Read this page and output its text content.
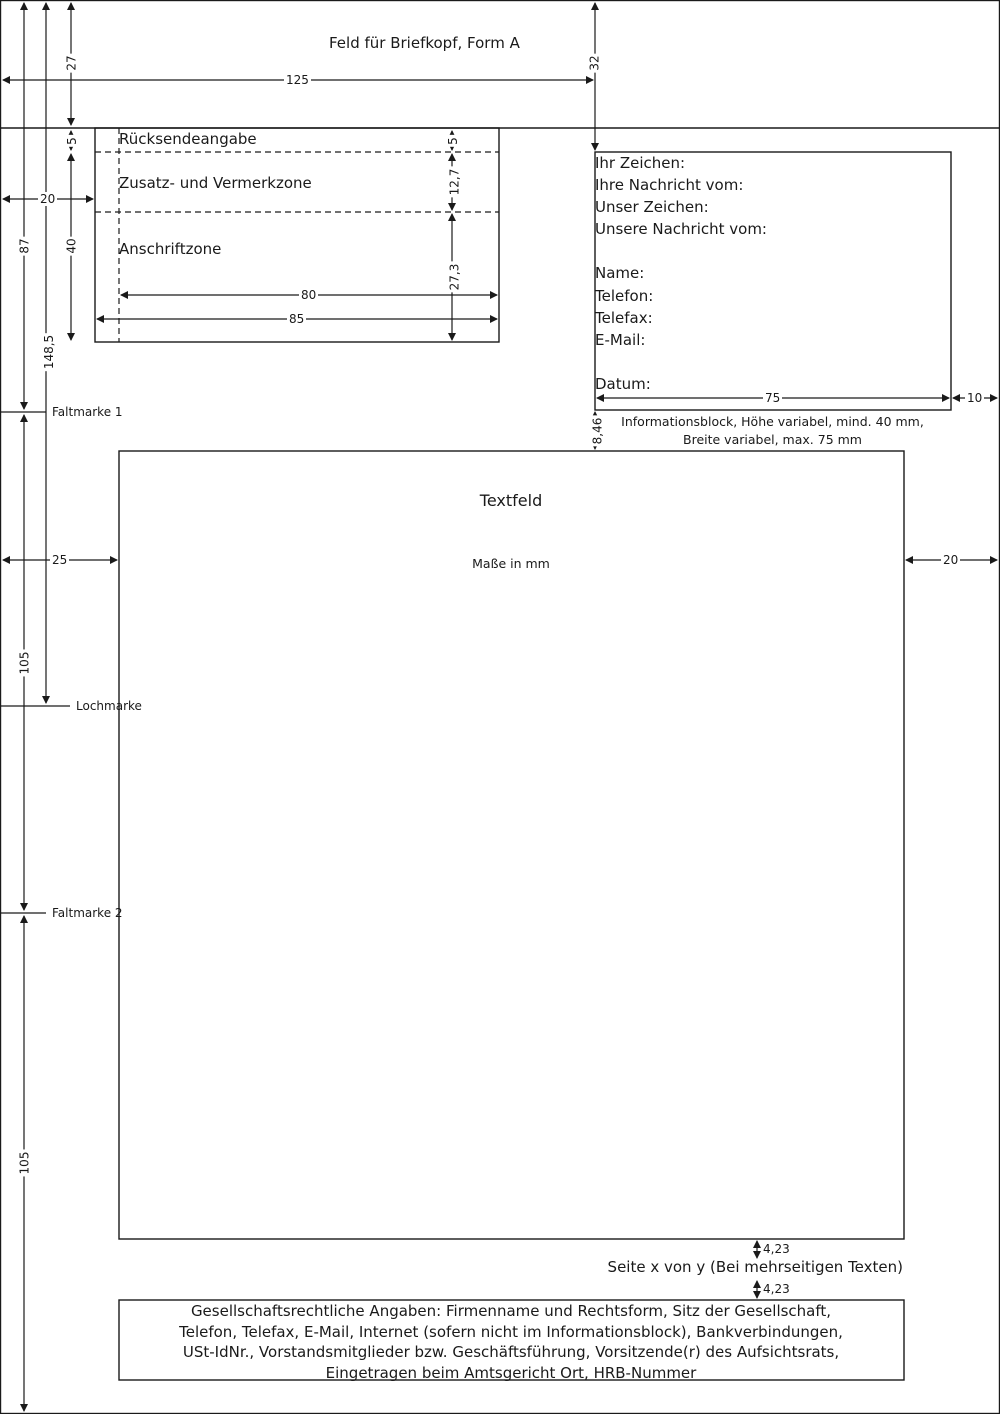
Feld für Briefkopf, Form A
Rücksendeangabe
Zusatz- und Vermerkzone
Anschriftzone
Ihr Zeichen:
Ihre Nachricht vom:
Unser Zeichen:
Unsere Nachricht vom:
Name:
Telefon:
Telefax:
E-Mail:
Datum:
Informationsblock, Höhe variabel, mind. 40 mm,
Breite variabel, max. 75 mm
Textfeld
Maße in mm
Faltmarke 1
Lochmarke
Faltmarke 2
Seite x von y (Bei mehrseitigen Texten)
Gesellschaftsrechtliche Angaben: Firmenname und Rechtsform, Sitz der Gesellschaft,
Telefon, Telefax, E-Mail, Internet (sofern nicht im Informationsblock), Bankverbindungen,
USt-IdNr., Vorstandsmitglieder bzw. Geschäftsführung, Vorsitzende(r) des Aufsichtsrats,
Eingetragen beim Amtsgericht Ort, HRB-Nummer
125
20
80
85
75	10
25	20
4,23
4,23
27	32
5	5
12,7
40
87
27,3
148,5
8,46
105
105
